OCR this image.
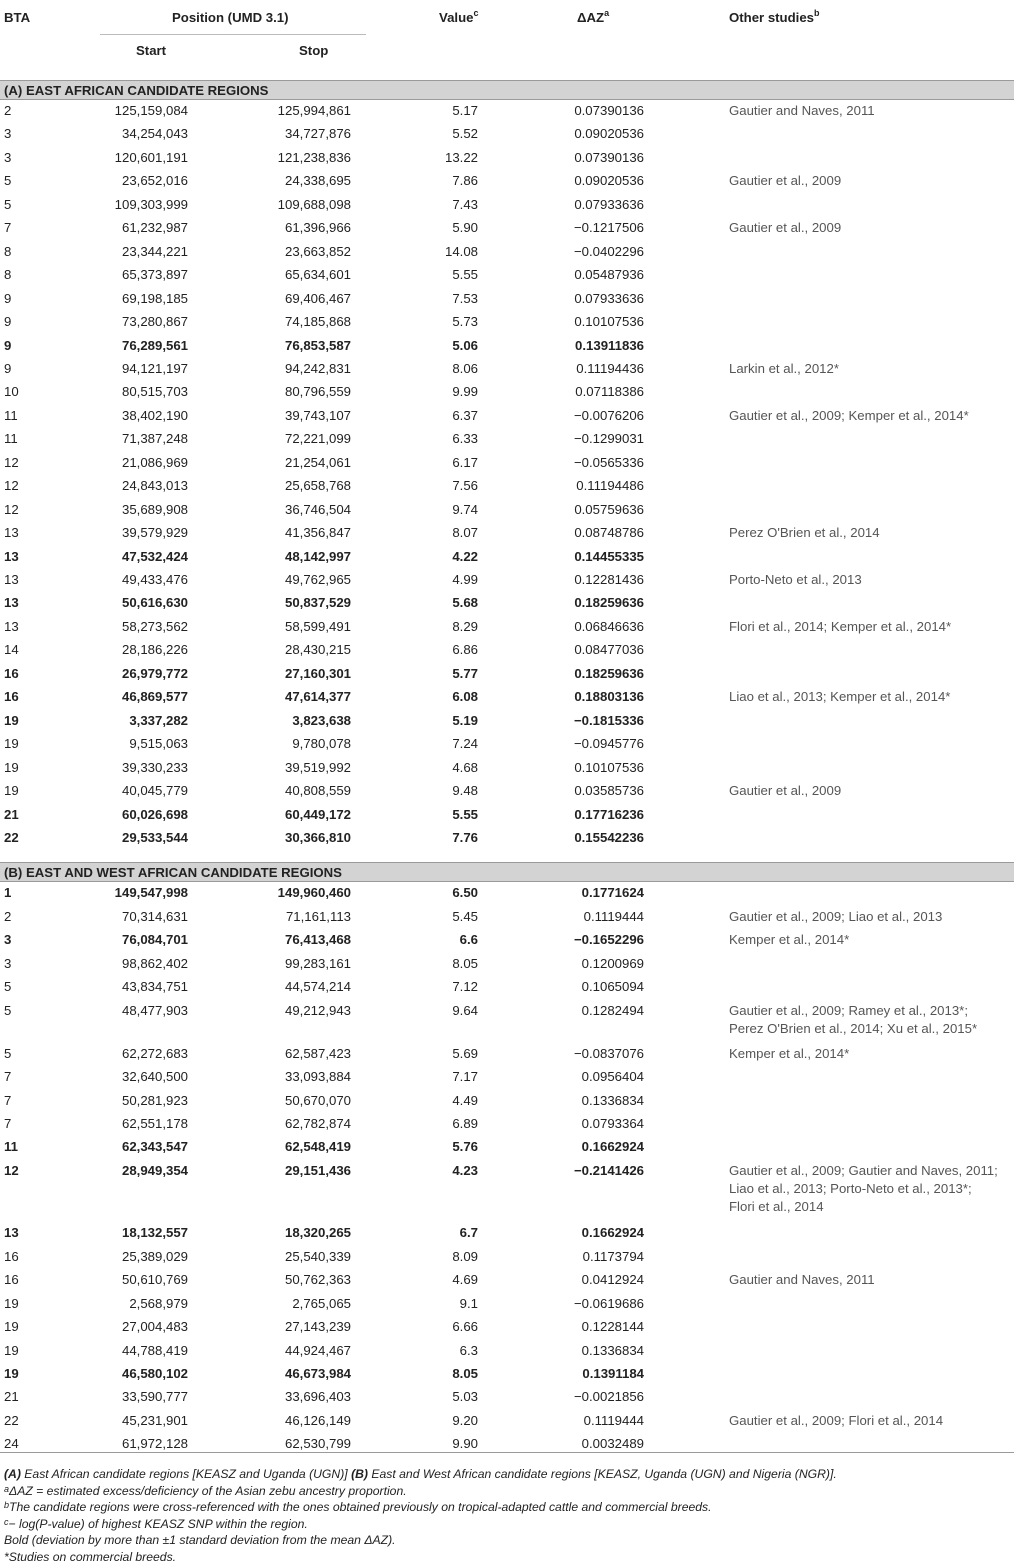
BTA	Position (UMD 3.1)
Start	Stop
Value$^c$	ΔAZ$^a$	Other studies$^b$
(A) EAST AFRICAN CANDIDATE REGIONS
2	125,159,084	125,994,861	5.17	0.07390136	Gautier and Naves, 2011
3	34,254,043	34,727,876	5.52	0.09020536
3	120,601,191	121,238,836	13.22	0.07390136
5	23,652,016	24,338,695	7.86	0.09020536	Gautier et al., 2009
5	109,303,999	109,688,098	7.43	0.07933636
7	61,232,987	61,396,966	5.90	−0.1217506	Gautier et al., 2009
8	23,344,221	23,663,852	14.08	−0.0402296
8	65,373,897	65,634,601	5.55	0.05487936
9	69,198,185	69,406,467	7.53	0.07933636
9	73,280,867	74,185,868	5.73	0.10107536
9	76,289,561	76,853,587	5.06	0.13911836
9	94,121,197	94,242,831	8.06	0.11194436	Larkin et al., 2012*
10	80,515,703	80,796,559	9.99	0.07118386
11	38,402,190	39,743,107	6.37	−0.0076206	Gautier et al., 2009; Kemper et al., 2014*
11	71,387,248	72,221,099	6.33	−0.1299031
12	21,086,969	21,254,061	6.17	−0.0565336
12	24,843,013	25,658,768	7.56	0.11194486
12	35,689,908	36,746,504	9.74	0.05759636
13	39,579,929	41,356,847	8.07	0.08748786	Perez O'Brien et al., 2014
13	47,532,424	48,142,997	4.22	0.14455335
13	49,433,476	49,762,965	4.99	0.12281436	Porto-Neto et al., 2013
13	50,616,630	50,837,529	5.68	0.18259636
13	58,273,562	58,599,491	8.29	0.06846636	Flori et al., 2014; Kemper et al., 2014*
14	28,186,226	28,430,215	6.86	0.08477036
16	26,979,772	27,160,301	5.77	0.18259636
16	46,869,577	47,614,377	6.08	0.18803136	Liao et al., 2013; Kemper et al., 2014*
19	3,337,282	3,823,638	5.19	−0.1815336
19	9,515,063	9,780,078	7.24	−0.0945776
19	39,330,233	39,519,992	4.68	0.10107536
19	40,045,779	40,808,559	9.48	0.03585736	Gautier et al., 2009
21	60,026,698	60,449,172	5.55	0.17716236
22	29,533,544	30,366,810	7.76	0.15542236
(B) EAST AND WEST AFRICAN CANDIDATE REGIONS
1	149,547,998	149,960,460	6.50	0.1771624
2	70,314,631	71,161,113	5.45	0.1119444	Gautier et al., 2009; Liao et al., 2013
3	76,084,701	76,413,468	6.6	−0.1652296	Kemper et al., 2014*
3	98,862,402	99,283,161	8.05	0.1200969
5	43,834,751	44,574,214	7.12	0.1065094
5	48,477,903	49,212,943	9.64	0.1282494	Gautier et al., 2009; Ramey et al., 2013*; Perez O'Brien et al., 2014; Xu et al., 2015*
5	62,272,683	62,587,423	5.69	−0.0837076	Kemper et al., 2014*
7	32,640,500	33,093,884	7.17	0.0956404
7	50,281,923	50,670,070	4.49	0.1336834
7	62,551,178	62,782,874	6.89	0.0793364
11	62,343,547	62,548,419	5.76	0.1662924
12	28,949,354	29,151,436	4.23	−0.2141426	Gautier et al., 2009; Gautier and Naves, 2011; Liao et al., 2013; Porto-Neto et al., 2013*; Flori et al., 2014
13	18,132,557	18,320,265	6.7	0.1662924
16	25,389,029	25,540,339	8.09	0.1173794
16	50,610,769	50,762,363	4.69	0.0412924	Gautier and Naves, 2011
19	2,568,979	2,765,065	9.1	−0.0619686
19	27,004,483	27,143,239	6.66	0.1228144
19	44,788,419	44,924,467	6.3	0.1336834
19	46,580,102	46,673,984	8.05	0.1391184
21	33,590,777	33,696,403	5.03	−0.0021856
22	45,231,901	46,126,149	9.20	0.1119444	Gautier et al., 2009; Flori et al., 2014
24	61,972,128	62,530,799	9.90	0.0032489
(A) East African candidate regions [KEASZ and Uganda (UGN)] (B) East and West African candidate regions [KEASZ, Uganda (UGN) and Nigeria (NGR)].
$^a$ΔAZ = estimated excess/deficiency of the Asian zebu ancestry proportion.
$^b$The candidate regions were cross-referenced with the ones obtained previously on tropical-adapted cattle and commercial breeds.
$^c$− log(P-value) of highest KEASZ SNP within the region.
Bold (deviation by more than ±1 standard deviation from the mean ΔAZ).
*Studies on commercial breeds.
